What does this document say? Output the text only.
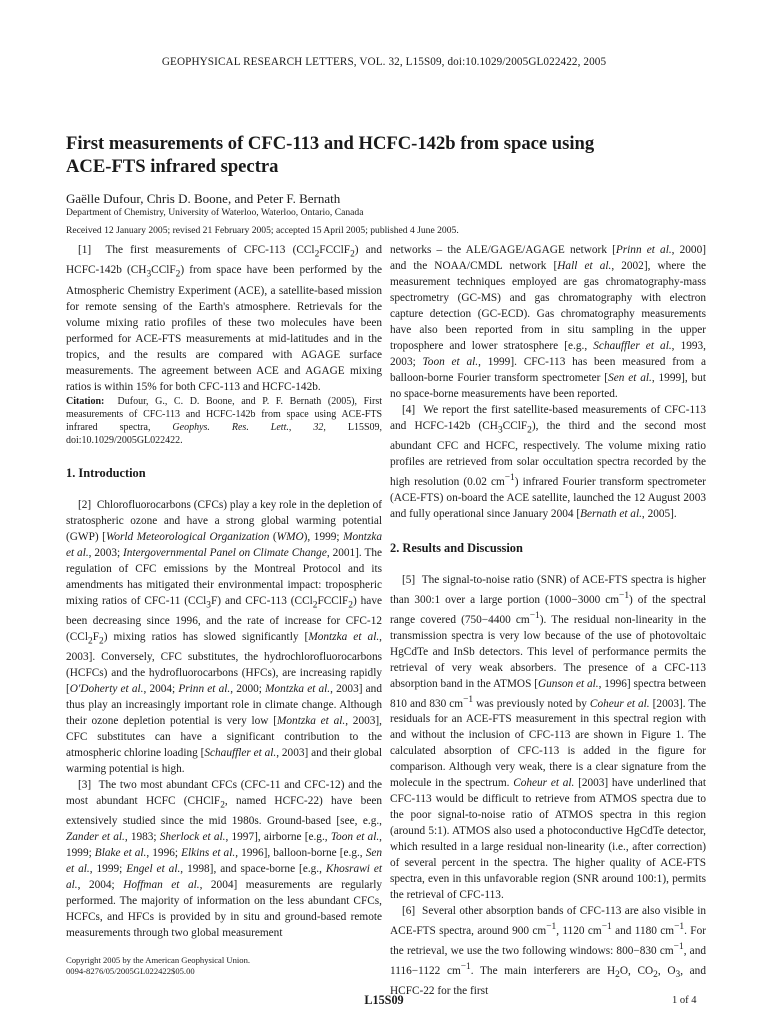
GEOPHYSICAL RESEARCH LETTERS, VOL. 32, L15S09, doi:10.1029/2005GL022422, 2005
First measurements of CFC-113 and HCFC-142b from space using
ACE-FTS infrared spectra
Gaëlle Dufour, Chris D. Boone, and Peter F. Bernath
Department of Chemistry, University of Waterloo, Waterloo, Ontario, Canada
Received 12 January 2005; revised 21 February 2005; accepted 15 April 2005; published 4 June 2005.

[1]  The first measurements of CFC-113 (CCl$_2$FCClF$_2$) and HCFC-142b $(CH_3CClF_2)$ from space have been performed by the Atmospheric Chemistry Experiment (ACE), a satellite-based mission for remote sensing of the Earth's atmosphere. Retrievals for the volume mixing ratio profiles of these two molecules have been performed for ACE-FTS measurements at mid-latitudes and in the tropics, and the results are compared with AGAGE surface measurements. The agreement between ACE and AGAGE mixing ratios is within 15% for both CFC-113 and HCFC-142b.

Citation:  Dufour, G., C. D. Boone, and P. F. Bernath (2005), First measurements of CFC-113 and HCFC-142b from space using ACE-FTS infrared spectra, Geophys. Res. Lett., 32, L15S09, doi:10.1029/2005GL022422.

1. Introduction

[2]  Chlorofluorocarbons (CFCs) play a key role in the depletion of stratospheric ozone and have a strong global warming potential (GWP) [World Meteorological Organization (WMO), 1999; Montzka et al., 2003; Intergovernmental Panel on Climate Change, 2001]. The regulation of CFC emissions by the Montreal Protocol and its amendments has mitigated their environmental impact: tropospheric mixing ratios of CFC-11 (CCl$_3$F) and CFC-113 (CCl$_2$FCClF$_2$) have been decreasing since 1996, and the rate of increase for CFC-12 $(CCl_2F_2)$ mixing ratios has slowed significantly [Montzka et al., 2003]. Conversely, CFC substitutes, the hydrochlorofluorocarbons (HCFCs) and the hydrofluorocarbons (HFCs), are increasing rapidly [O'Doherty et al., 2004; Prinn et al., 2000; Montzka et al., 2003] and thus play an increasingly important role in climate change. Although their ozone depletion potential is very low [Montzka et al., 2003], CFC substitutes can have a significant contribution to the atmospheric chlorine loading [Schauffler et al., 2003] and their global warming potential is high.

[3]  The two most abundant CFCs (CFC-11 and CFC-12) and the most abundant HCFC (CHClF$_2$, named HCFC-22) have been extensively studied since the mid 1980s. Ground-based [see, e.g., Zander et al., 1983; Sherlock et al., 1997], airborne [e.g., Toon et al., 1999; Blake et al., 1996; Elkins et al., 1996], balloon-borne [e.g., Sen et al., 1999; Engel et al., 1998], and space-borne [e.g., Khosrawi et al., 2004; Hoffman et al., 2004] measurements are regularly performed. The majority of information on the less abundant CFCs, HCFCs, and HFCs is provided by in situ and ground-based remote measurements through two global measurement

networks – the ALE/GAGE/AGAGE network [Prinn et al., 2000] and the NOAA/CMDL network [Hall et al., 2002], where the measurement techniques employed are gas chromatography-mass spectrometry (GC-MS) and gas chromatography with electron capture detection (GC-ECD). Gas chromatography measurements have also been reported from in situ sampling in the upper troposphere and lower stratosphere [e.g., Schauffler et al., 1993, 2003; Toon et al., 1999]. CFC-113 has been measured from a balloon-borne Fourier transform spectrometer [Sen et al., 1999], but no space-borne measurements have been reported.

[4]  We report the first satellite-based measurements of CFC-113 and HCFC-142b $(CH_3CClF_2)$, the third and the second most abundant CFC and HCFC, respectively. The volume mixing ratio profiles are retrieved from solar occultation spectra recorded by the high resolution (0.02 $cm^{-1}$) infrared Fourier transform spectrometer (ACE-FTS) on-board the ACE satellite, launched the 12 August 2003 and fully operational since January 2004 [Bernath et al., 2005].

2. Results and Discussion

[5]  The signal-to-noise ratio (SNR) of ACE-FTS spectra is higher than 300:1 over a large portion (1000−3000 $cm^{-1}$) of the spectral range covered (750−4400 $cm^{-1}$). The residual non-linearity in the transmission spectra is very low because of the use of photovoltaic HgCdTe and InSb detectors. This level of performance permits the retrieval of very weak absorbers. The presence of a CFC-113 absorption band in the ATMOS [Gunson et al., 1996] spectra between 810 and 830 $cm^{-1}$ was previously noted by Coheur et al. [2003]. The residuals for an ACE-FTS measurement in this spectral region with and without the inclusion of CFC-113 are shown in Figure 1. The calculated absorption of CFC-113 is added in the figure for comparison. Although very weak, there is a clear signature from the molecule in the spectrum. Coheur et al. [2003] have underlined that CFC-113 would be difficult to retrieve from ATMOS spectra due to the poor signal-to-noise ratio of ATMOS spectra in this region (around 5:1). ATMOS also used a photoconductive HgCdTe detector, which resulted in a large residual non-linearity (i.e., after correction) of several percent in the spectra. The higher quality of ACE-FTS spectra, even in this unfavorable region (SNR around 100:1), permits the retrieval of CFC-113.

[6]  Several other absorption bands of CFC-113 are also visible in ACE-FTS spectra, around 900 $cm^{-1}$, 1120 $cm^{-1}$ and 1180 $cm^{-1}$. For the retrieval, we use the two following windows: 800−830 $cm^{-1}$, and 1116−1122 $cm^{-1}$. The main interferers are $H_2O$, $CO_2$, $O_3$, and HCFC-22 for the first

Copyright 2005 by the American Geophysical Union.
0094-8276/05/2005GL022422$05.00
L15S09	1 of 4
